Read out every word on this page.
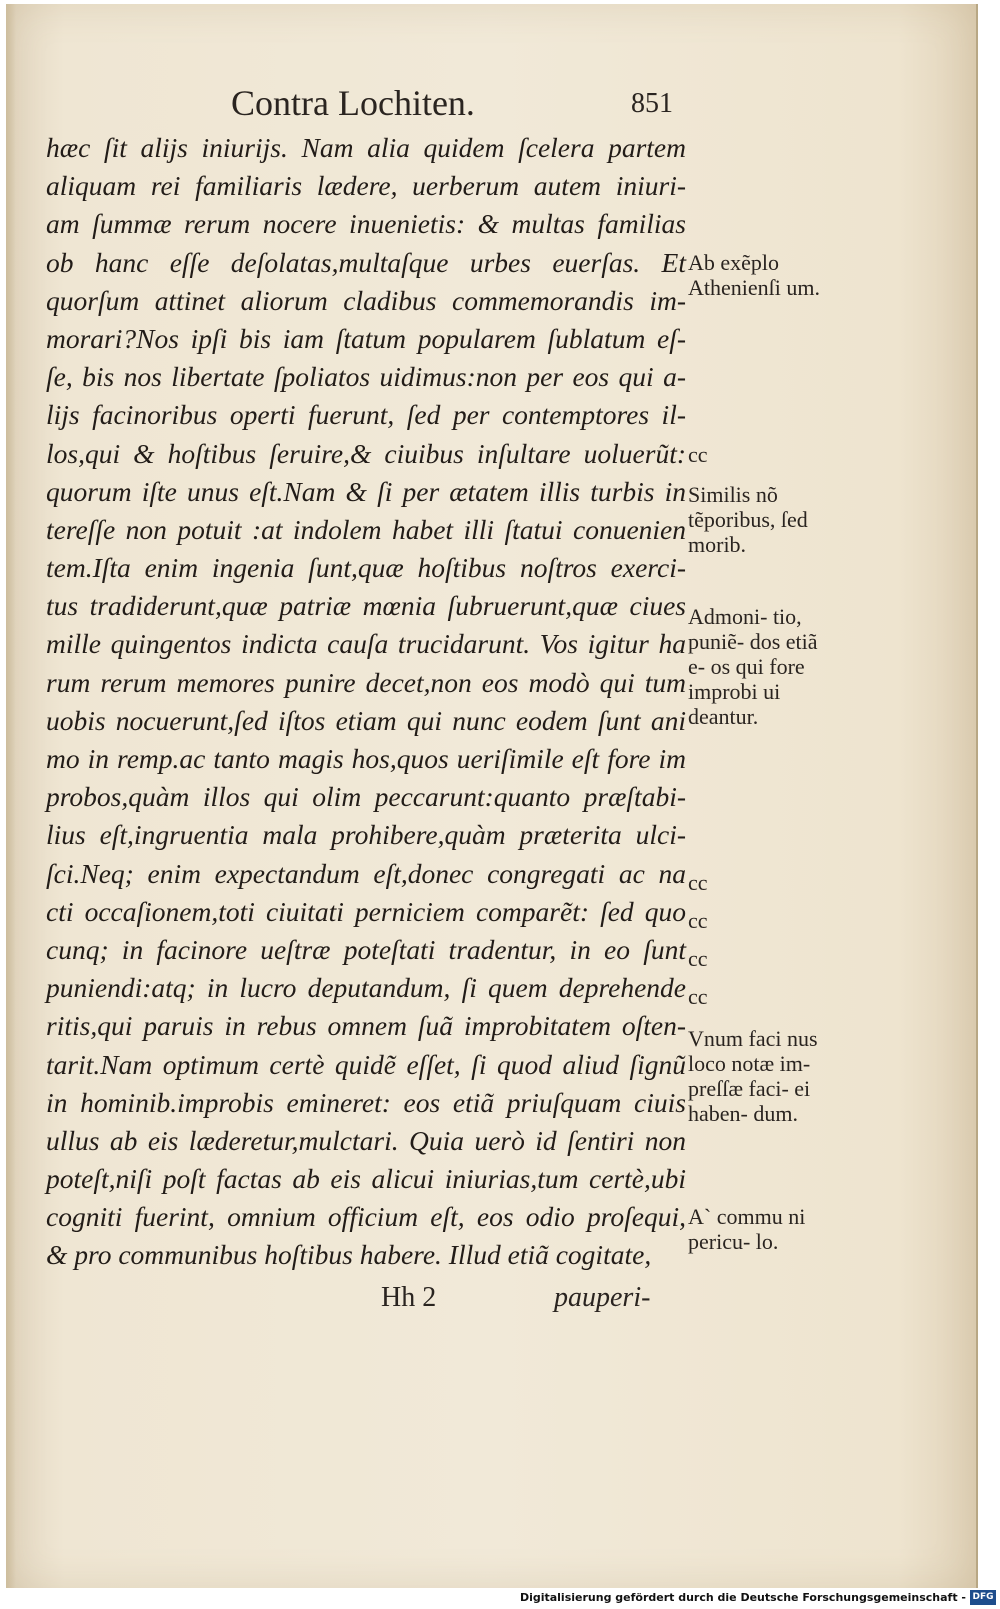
Contra Lochiten.	851
hæc ſit alijs iniurijs. Nam alia quidem ſcelera partem
aliquam rei familiaris lædere, uerberum autem iniuri-
am ſummæ rerum nocere inuenietis: & multas familias
ob hanc eſſe deſolatas,multaſque urbes euerſas. Et
quorſum attinet aliorum cladibus commemorandis im-
morari?Nos ipſi bis iam ſtatum popularem ſublatum eſ-
ſe, bis nos libertate ſpoliatos uidimus:non per eos qui a-
lijs facinoribus operti fuerunt, ſed per contemptores il-
los,qui & hoſtibus ſeruire,& ciuibus inſultare uoluerũt:
quorum iſte unus eſt.Nam & ſi per ætatem illis turbis in
tereſſe non potuit :at indolem habet illi ſtatui conuenien
tem.Iſta enim ingenia ſunt,quæ hoſtibus noſtros exerci-
tus tradiderunt,quæ patriæ mœnia ſubruerunt,quæ ciues
mille quingentos indicta cauſa trucidarunt. Vos igitur ha
rum rerum memores punire decet,non eos modò qui tum
uobis nocuerunt,ſed iſtos etiam qui nunc eodem ſunt ani
mo in remp.ac tanto magis hos,quos ueriſimile eſt fore im
probos,quàm illos qui olim peccarunt:quanto præſtabi-
lius eſt,ingruentia mala prohibere,quàm præterita ulci-
ſci.Neq; enim expectandum eſt,donec congregati ac na
cti occaſionem,toti ciuitati perniciem comparẽt: ſed quo
cunq; in facinore ueſtræ poteſtati tradentur, in eo ſunt
puniendi:atq; in lucro deputandum, ſi quem deprehende
ritis,qui paruis in rebus omnem ſuã improbitatem oſten-
tarit.Nam optimum certè quidẽ eſſet, ſi quod aliud ſignũ
in hominib.improbis emineret: eos etiã priuſquam ciuis
ullus ab eis læderetur,mulctari. Quia uerò id ſentiri non
poteſt,niſi poſt factas ab eis alicui iniurias,tum certè,ubi
cogniti fuerint, omnium officium eſt, eos odio proſequi,
& pro communibus hoſtibus habere. Illud etiã cogitate,
Ab exẽplo Athenienſi um.
cc
Similis nõ tẽporibus, ſed morib.
Admoni- tio, puniẽ- dos etiã e- os qui fore improbi ui deantur.
cc
cc
cc
cc
Vnum faci nus loco notæ im- preſſæ faci- ei haben- dum.
A` commu ni pericu- lo.
Hh 2	pauperi-
Digitalisierung gefördert durch die Deutsche Forschungsgemeinschaft - DFG
